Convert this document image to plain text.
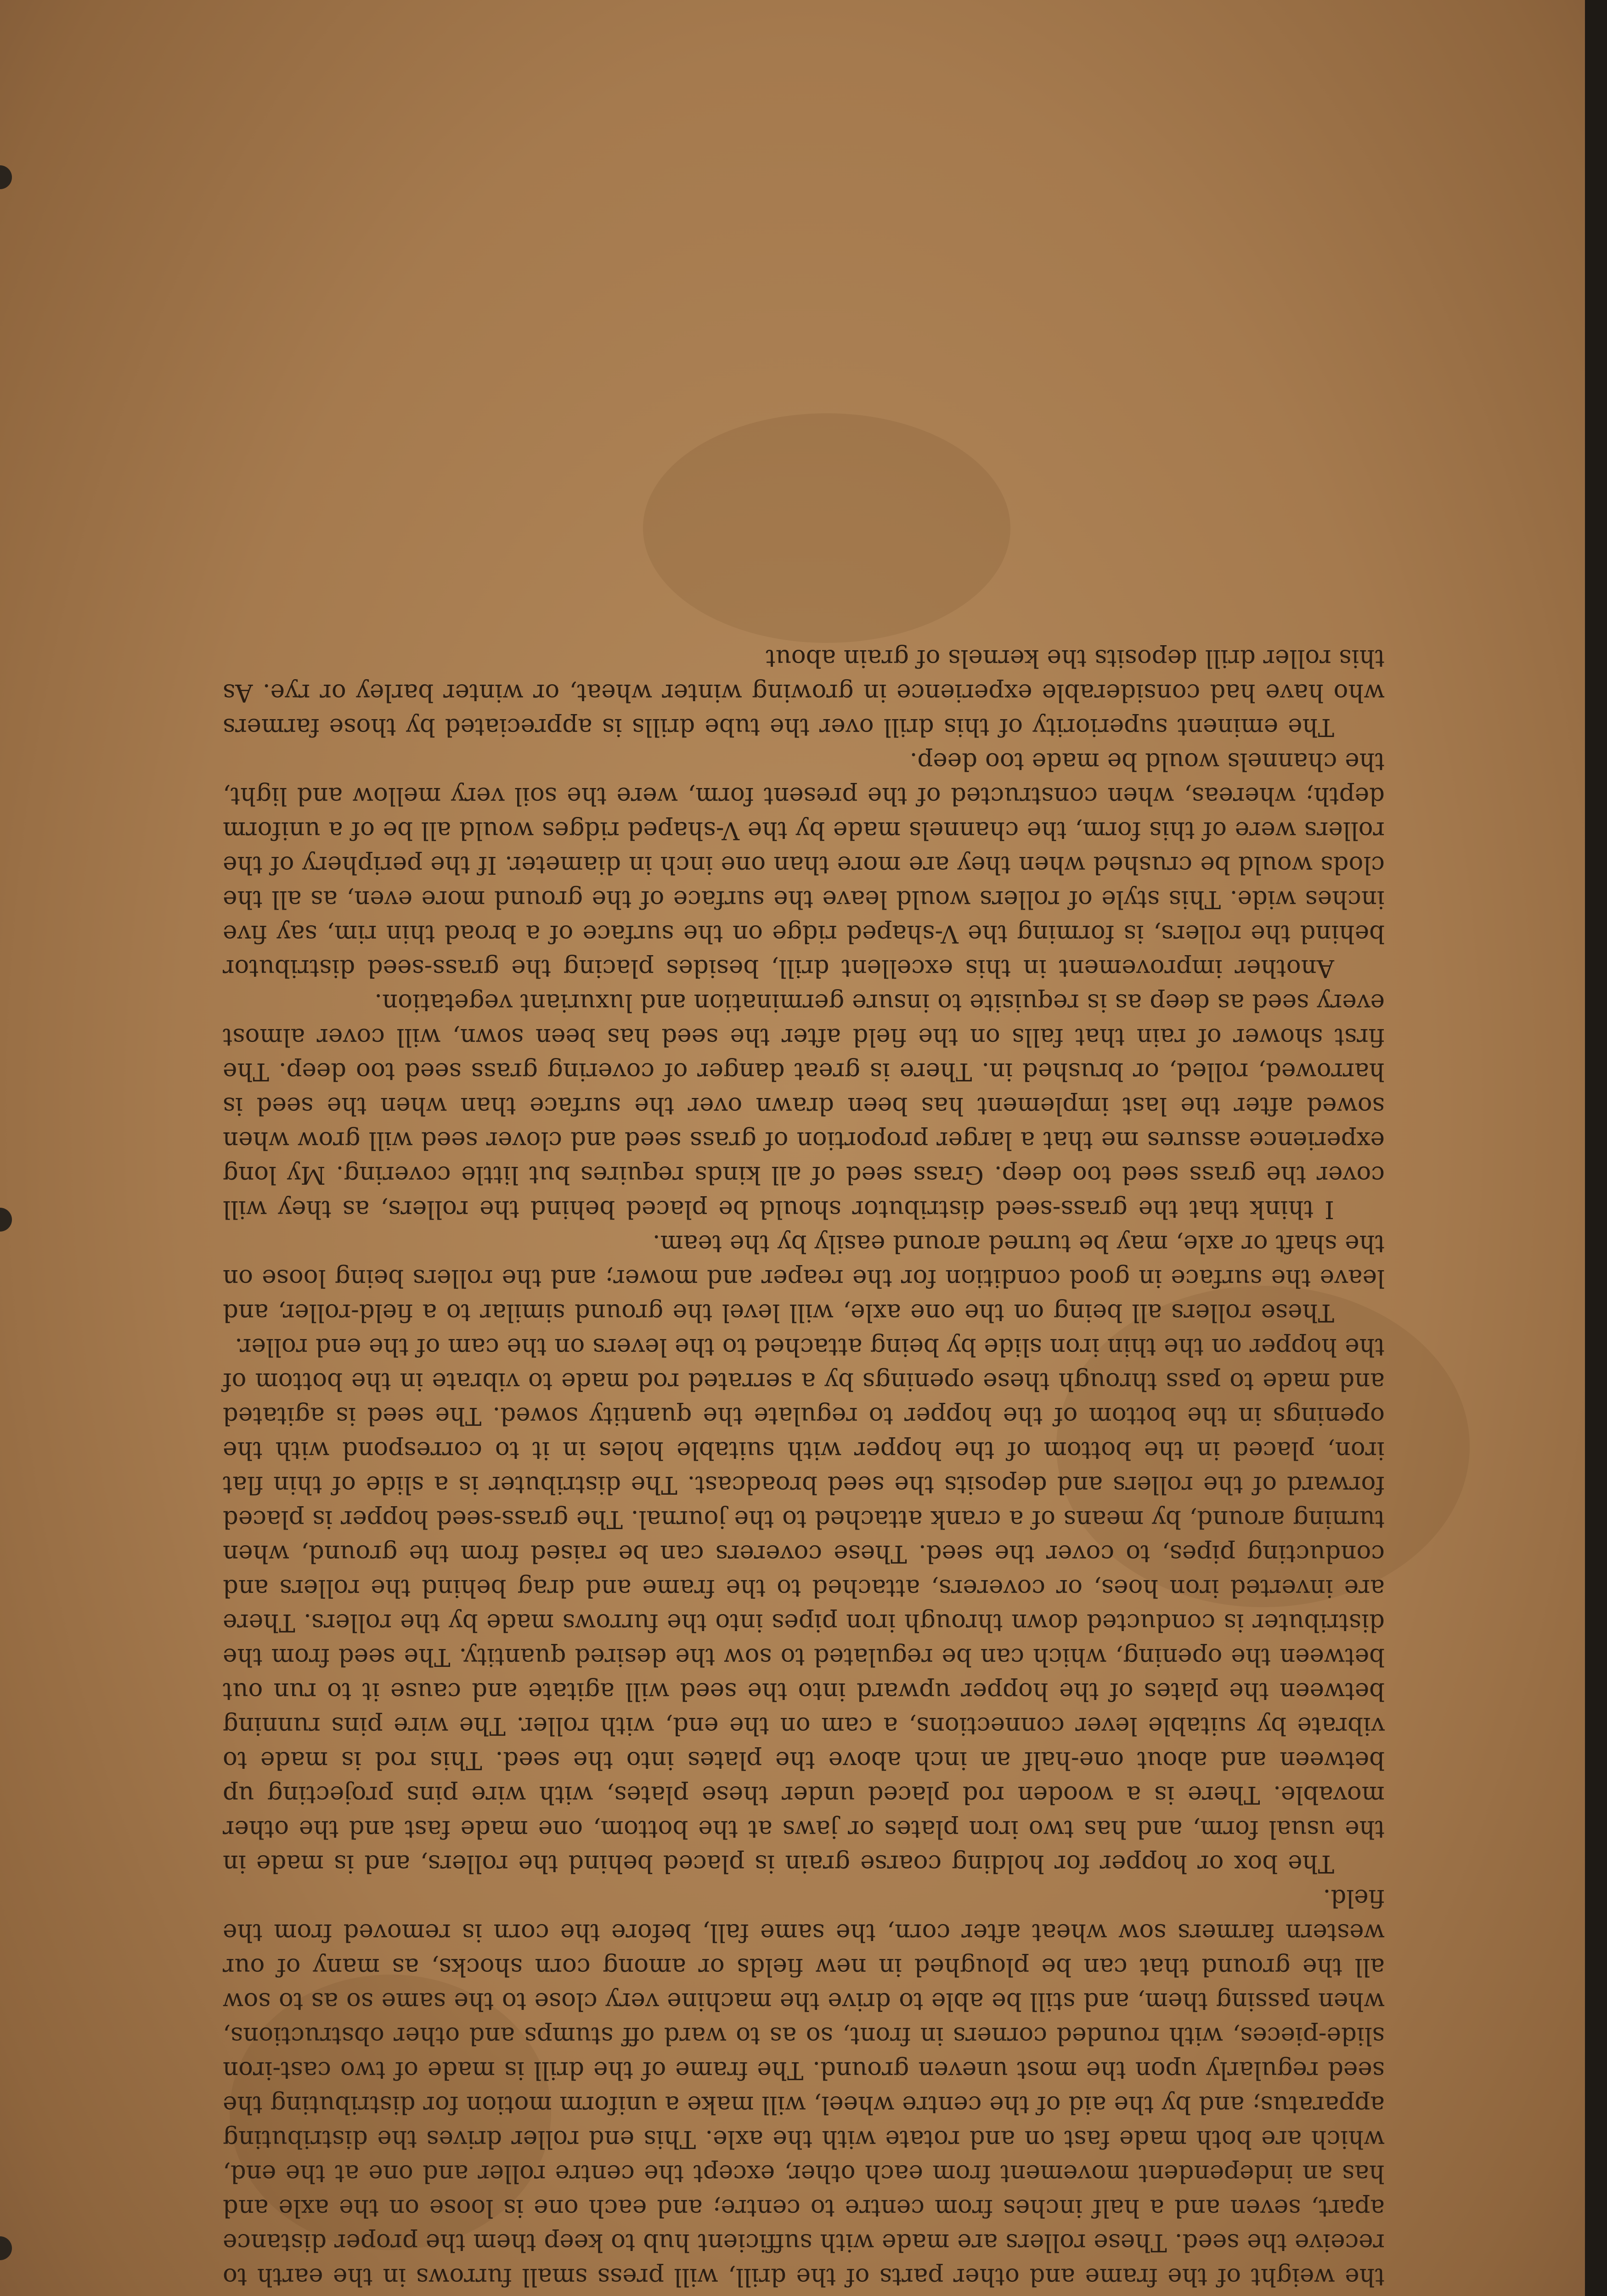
the weight of the frame and other parts of the drill, will press small furrows in the earth to receive the seed. These rollers are made with sufficient hub to keep them the proper distance apart, seven and a half inches from centre to centre; and each one is loose on the axle and has an independent movement from each other, except the centre roller and one at the end, which are both made fast on and rotate with the axle. This end roller drives the distributing apparatus; and by the aid of the centre wheel, will make a uniform motion for distributing the seed regularly upon the most uneven ground. The frame of the drill is made of two cast-iron slide-pieces, with rounded corners in front, so as to ward off stumps and other obstructions, when passing them, and still be able to drive the machine very close to the same so as to sow all the ground that can be ploughed in new fields or among corn shocks, as many of our western farmers sow wheat after corn, the same fall, before the corn is removed from the field.

The box or hopper for holding coarse grain is placed behind the rollers, and is made in the usual form, and has two iron plates or jaws at the bottom, one made fast and the other movable. There is a wooden rod placed under these plates, with wire pins projecting up between and about one-half an inch above the plates into the seed. This rod is made to vibrate by suitable lever connections, a cam on the end, with roller. The wire pins running between the plates of the hopper upward into the seed will agitate and cause it to run out between the opening, which can be regulated to sow the desired quantity. The seed from the distributer is conducted down through iron pipes into the furrows made by the rollers. There are inverted iron hoes, or coverers, attached to the frame and drag behind the rollers and conducting pipes, to cover the seed. These coverers can be raised from the ground, when turning around, by means of a crank attached to the journal. The grass-seed hopper is placed forward of the rollers and deposits the seed broadcast. The distributer is a slide of thin flat iron, placed in the bottom of the hopper with suitable holes in it to correspond with the openings in the bottom of the hopper to regulate the quantity sowed. The seed is agitated and made to pass through these openings by a serrated rod made to vibrate in the bottom of the hopper on the thin iron slide by being attached to the levers on the cam of the end roller.

These rollers all being on the one axle, will level the ground similar to a field-roller, and leave the surface in good condition for the reaper and mower; and the rollers being loose on the shaft or axle, may be turned around easily by the team.

I think that the grass-seed distributor should be placed behind the rollers, as they will cover the grass seed too deep. Grass seed of all kinds requires but little covering. My long experience assures me that a larger proportion of grass seed and clover seed will grow when sowed after the last implement has been drawn over the surface than when the seed is harrowed, rolled, or brushed in. There is great danger of covering grass seed too deep. The first shower of rain that falls on the field after the seed has been sown, will cover almost every seed as deep as is requisite to insure germination and luxuriant vegetation.

Another improvement in this excellent drill, besides placing the grass-seed distributor behind the rollers, is forming the V-shaped ridge on the surface of a broad thin rim, say five inches wide. This style of rollers would leave the surface of the ground more even, as all the clods would be crushed when they are more than one inch in diameter. If the periphery of the rollers were of this form, the channels made by the V-shaped ridges would all be of a uniform depth; whereas, when constructed of the present form, were the soil very mellow and light, the channels would be made too deep.

The eminent superiority of this drill over the tube drills is appreciated by those farmers who have had considerable experience in growing winter wheat, or winter barley or rye. As this roller drill deposits the kernels of grain about
